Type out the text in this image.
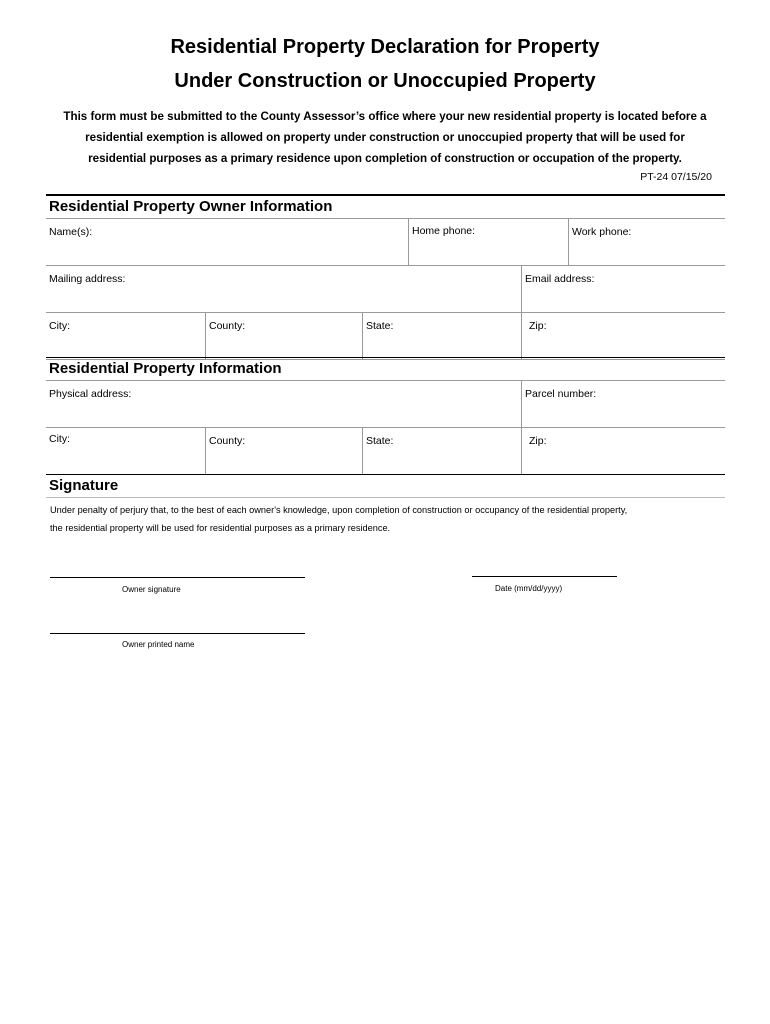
Residential Property Declaration for Property
Under Construction or Unoccupied Property
This form must be submitted to the County Assessor’s office where your new residential property is located before a
residential exemption is allowed on property under construction or unoccupied property that will be used for
residential purposes as a primary residence upon completion of construction or occupation of the property.
PT-24 07/15/20
Residential Property Owner Information
Name(s):	Home phone:	Work phone:
Mailing address:	Email address:
City:	County:	State:	Zip:
Residential Property Information
Physical address:	Parcel number:
City:	County:	State:	Zip:
Signature
Under penalty of perjury that, to the best of each owner's knowledge, upon completion of construction or occupancy of the residential property,
the residential property will be used for residential purposes as a primary residence.
Owner signature	Date (mm/dd/yyyy)
Owner printed name
